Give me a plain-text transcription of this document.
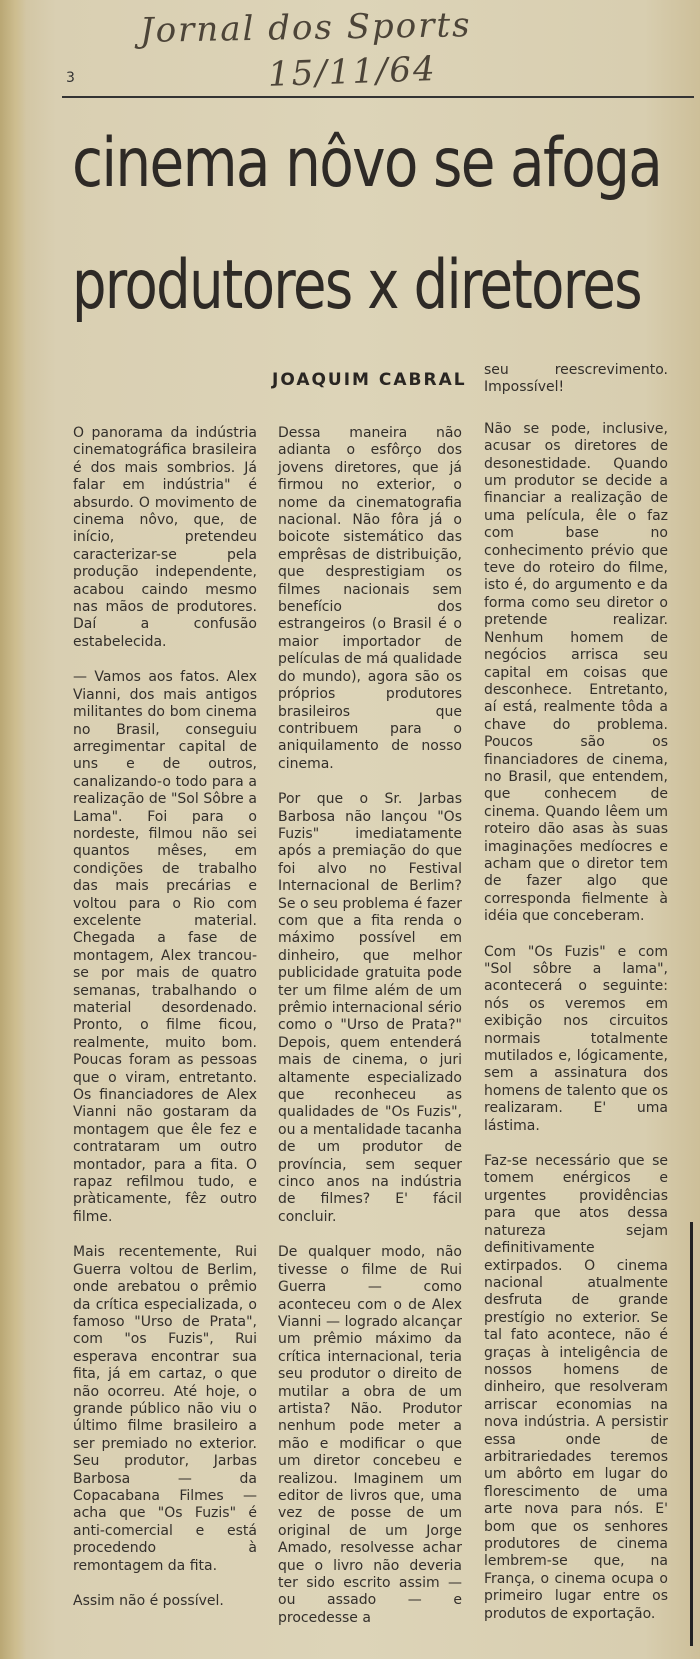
Jornal dos Sports
15/11/64
3
cinema nôvo se afoga
produtores x diretores
JOAQUIM CABRAL

O panorama da indústria cinematográfica brasileira é dos mais sombrios. Já falar em indústria" é absurdo. O movimento de cinema nôvo, que, de início, pretendeu caracterizar-se pela produção independente, acabou caindo mesmo nas mãos de produtores. Daí a confusão estabelecida.

— Vamos aos fatos. Alex Vianni, dos mais antigos militantes do bom cinema no Brasil, conseguiu arregimentar capital de uns e de outros, canalizando-o todo para a realização de "Sol Sôbre a Lama". Foi para o nordeste, filmou não sei quantos mêses, em condições de trabalho das mais precárias e voltou para o Rio com excelente material. Chegada a fase de montagem, Alex trancou-se por mais de quatro semanas, trabalhando o material desordenado. Pronto, o filme ficou, realmente, muito bom. Poucas foram as pessoas que o viram, entretanto. Os financiadores de Alex Vianni não gostaram da montagem que êle fez e contrataram um outro montador, para a fita. O rapaz refilmou tudo, e pràticamente, fêz outro filme.

Mais recentemente, Rui Guerra voltou de Berlim, onde arebatou o prêmio da crítica especializada, o famoso "Urso de Prata", com "os Fuzis", Rui esperava encontrar sua fita, já em cartaz, o que não ocorreu. Até hoje, o grande público não viu o último filme brasileiro a ser premiado no exterior. Seu produtor, Jarbas Barbosa — da Copacabana Filmes — acha que "Os Fuzis" é anti-comercial e está procedendo à remontagem da fita.

Assim não é possível.

Dessa maneira não adianta o esfôrço dos jovens diretores, que já firmou no exterior, o nome da cinematografia nacional. Não fôra já o boicote sistemático das emprêsas de distribuição, que desprestigiam os filmes nacionais sem benefício dos estrangeiros (o Brasil é o maior importador de películas de má qualidade do mundo), agora são os próprios produtores brasileiros que contribuem para o aniquilamento de nosso cinema.

Por que o Sr. Jarbas Barbosa não lançou "Os Fuzis" imediatamente após a premiação do que foi alvo no Festival Internacional de Berlim? Se o seu problema é fazer com que a fita renda o máximo possível em dinheiro, que melhor publicidade gratuita pode ter um filme além de um prêmio internacional sério como o "Urso de Prata?" Depois, quem entenderá mais de cinema, o juri altamente especializado que reconheceu as qualidades de "Os Fuzis", ou a mentalidade tacanha de um produtor de província, sem sequer cinco anos na indústria de filmes? E' fácil concluir.

De qualquer modo, não tivesse o filme de Rui Guerra — como aconteceu com o de Alex Vianni — logrado alcançar um prêmio máximo da crítica internacional, teria seu produtor o direito de mutilar a obra de um artista? Não. Produtor nenhum pode meter a mão e modificar o que um diretor concebeu e realizou. Imaginem um editor de livros que, uma vez de posse de um original de um Jorge Amado, resolvesse achar que o livro não deveria ter sido escrito assim — ou assado — e procedesse a

seu reescrevimento. Impossível!

Não se pode, inclusive, acusar os diretores de desonestidade. Quando um produtor se decide a financiar a realização de uma película, êle o faz com base no conhecimento prévio que teve do roteiro do filme, isto é, do argumento e da forma como seu diretor o pretende realizar. Nenhum homem de negócios arrisca seu capital em coisas que desconhece. Entretanto, aí está, realmente tôda a chave do problema. Poucos são os financiadores de cinema, no Brasil, que entendem, que conhecem de cinema. Quando lêem um roteiro dão asas às suas imaginações medíocres e acham que o diretor tem de fazer algo que corresponda fielmente à idéia que conceberam.

Com "Os Fuzis" e com "Sol sôbre a lama", acontecerá o seguinte: nós os veremos em exibição nos circuitos normais totalmente mutilados e, lógicamente, sem a assinatura dos homens de talento que os realizaram. E' uma lástima.

Faz-se necessário que se tomem enérgicos e urgentes providências para que atos dessa natureza sejam definitivamente extirpados. O cinema nacional atualmente desfruta de grande prestígio no exterior. Se tal fato acontece, não é graças à inteligência de nossos homens de dinheiro, que resolveram arriscar economias na nova indústria. A persistir essa onde de arbitrariedades teremos um abôrto em lugar do florescimento de uma arte nova para nós. E' bom que os senhores produtores de cinema lembrem-se que, na França, o cinema ocupa o primeiro lugar entre os produtos de exportação.
